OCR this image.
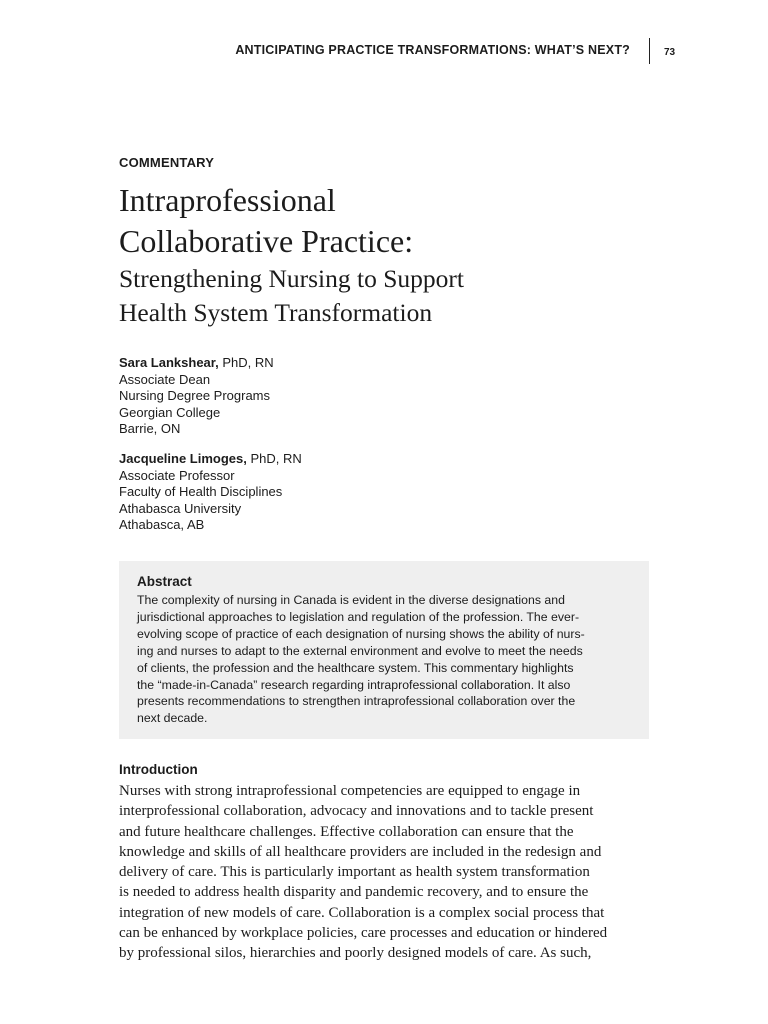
ANTICIPATING PRACTICE TRANSFORMATIONS: WHAT’S NEXT?	73
COMMENTARY
Intraprofessional
Collaborative Practice:
Strengthening Nursing to Support
Health System Transformation
Sara Lankshear, PhD, RN
Associate Dean
Nursing Degree Programs
Georgian College
Barrie, ON
Jacqueline Limoges, PhD, RN
Associate Professor
Faculty of Health Disciplines
Athabasca University
Athabasca, AB
Abstract
The complexity of nursing in Canada is evident in the diverse designations and
jurisdictional approaches to legislation and regulation of the profession. The ever-
evolving scope of practice of each designation of nursing shows the ability of nurs-
ing and nurses to adapt to the external environment and evolve to meet the needs
of clients, the profession and the healthcare system. This commentary highlights
the “made-in-Canada” research regarding intraprofessional collaboration. It also
presents recommendations to strengthen intraprofessional collaboration over the
next decade.
Introduction
Nurses with strong intraprofessional competencies are equipped to engage in
interprofessional collaboration, advocacy and innovations and to tackle present
and future healthcare challenges. Effective collaboration can ensure that the
knowledge and skills of all healthcare providers are included in the redesign and
delivery of care. This is particularly important as health system transformation
is needed to address health disparity and pandemic recovery, and to ensure the
integration of new models of care. Collaboration is a complex social process that
can be enhanced by workplace policies, care processes and education or hindered
by professional silos, hierarchies and poorly designed models of care. As such,
